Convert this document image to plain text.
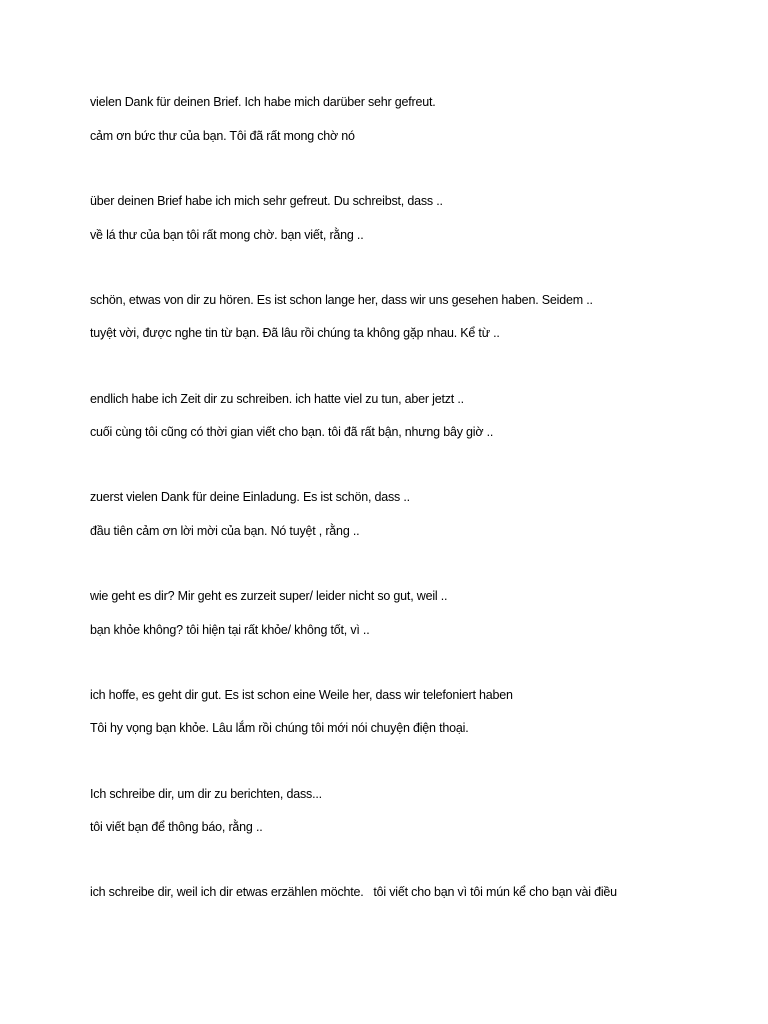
vielen Dank für deinen Brief. Ich habe mich darüber sehr gefreut.
cảm ơn bức thư của bạn. Tôi đã rất mong chờ nó
über deinen Brief habe ich mich sehr gefreut. Du schreibst, dass ..
về lá thư của bạn tôi rất mong chờ. bạn viết, rằng ..
schön, etwas von dir zu hören. Es ist schon lange her, dass wir uns gesehen haben. Seidem ..
tuyệt vời, được nghe tin từ bạn. Đã lâu rồi chúng ta không gặp nhau. Kể từ ..
endlich habe ich Zeit dir zu schreiben. ich hatte viel zu tun, aber jetzt ..
cuối cùng tôi cũng có thời gian viết cho bạn. tôi đã rất bận, nhưng bây giờ ..
zuerst vielen Dank für deine Einladung. Es ist schön, dass ..
đầu tiên cảm ơn lời mời của bạn. Nó tuyệt , rằng ..
wie geht es dir? Mir geht es zurzeit super/ leider nicht so gut, weil ..
bạn khỏe không? tôi hiện tại rất khỏe/ không tốt, vì ..
ich hoffe, es geht dir gut. Es ist schon eine Weile her, dass wir telefoniert haben
Tôi hy vọng bạn khỏe. Lâu lắm rồi chúng tôi mới nói chuyện điện thoại.
Ich schreibe dir, um dir zu berichten, dass...
tôi viết bạn để thông báo, rằng ..
ich schreibe dir, weil ich dir etwas erzählen möchte.   tôi viết cho bạn vì tôi mún kể cho bạn vài điều
